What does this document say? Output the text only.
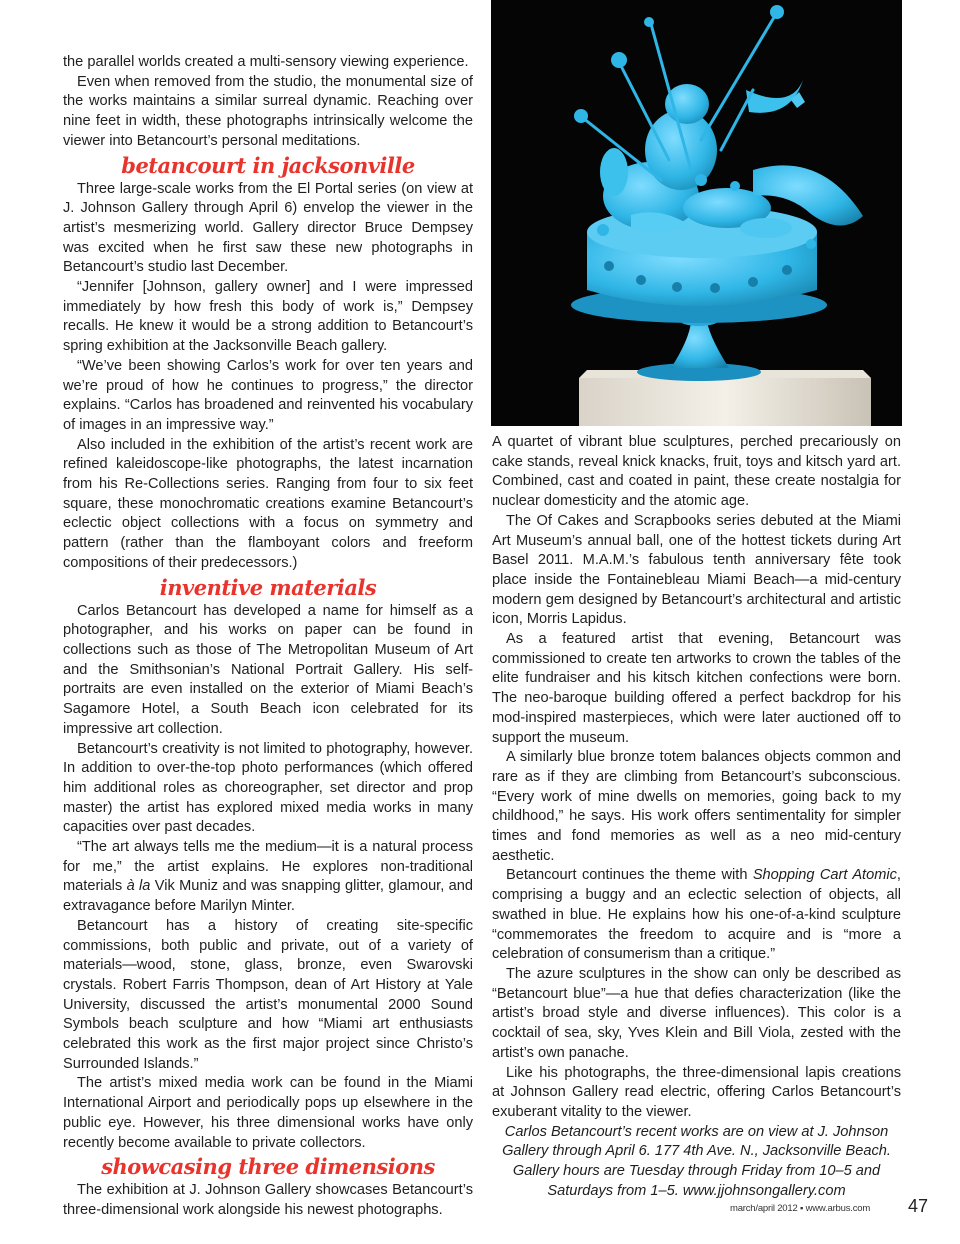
the parallel worlds created a multi-sensory viewing experience.

Even when removed from the studio, the monumental size of the works maintains a similar surreal dynamic. Reaching over nine feet in width, these photographs intrinsically welcome the viewer into Betancourt’s personal meditations.

betancourt in jacksonville

Three large-scale works from the El Portal series (on view at J. Johnson Gallery through April 6) envelop the viewer in the artist’s mesmerizing world. Gallery director Bruce Dempsey was excited when he first saw these new photographs in Betancourt’s studio last December.

“Jennifer [Johnson, gallery owner] and I were impressed immediately by how fresh this body of work is,” Dempsey recalls. He knew it would be a strong addition to Betancourt’s spring exhibition at the Jacksonville Beach gallery.

“We’ve been showing Carlos’s work for over ten years and we’re proud of how he continues to progress,” the director explains. “Carlos has broadened and reinvented his vocabulary of images in an impressive way.”

Also included in the exhibition of the artist’s recent work are refined kaleidoscope-like photographs, the latest incarnation from his Re-Collections series. Ranging from four to six feet square, these monochromatic creations examine Betancourt’s eclectic object collections with a focus on symmetry and pattern (rather than the flamboyant colors and freeform compositions of their predecessors.)

inventive materials

Carlos Betancourt has developed a name for himself as a photographer, and his works on paper can be found in collections such as those of The Metropolitan Museum of Art and the Smithsonian’s National Portrait Gallery. His self-portraits are even installed on the exterior of Miami Beach’s Sagamore Hotel, a South Beach icon celebrated for its impressive art collection.

Betancourt’s creativity is not limited to photography, however. In addition to over-the-top photo performances (which offered him additional roles as choreographer, set director and prop master) the artist has explored mixed media works in many capacities over past decades.

“The art always tells me the medium—it is a natural process for me,” the artist explains. He explores non-traditional materials à la Vik Muniz and was snapping glitter, glamour, and extravagance before Marilyn Minter.

Betancourt has a history of creating site-specific commissions, both public and private, out of a variety of materials—wood, stone, glass, bronze, even Swarovski crystals. Robert Farris Thompson, dean of Art History at Yale University, discussed the artist’s monumental 2000 Sound Symbols beach sculpture and how “Miami art enthusiasts celebrated this work as the first major project since Christo’s Surrounded Islands.”

The artist’s mixed media work can be found in the Miami International Airport and periodically pops up elsewhere in the public eye. However, his three dimensional works have only recently become available to private collectors.

showcasing three dimensions

The exhibition at J. Johnson Gallery showcases Betancourt’s three-dimensional work alongside his newest photographs.

A quartet of vibrant blue sculptures, perched precariously on cake stands, reveal knick knacks, fruit, toys and kitsch yard art. Combined, cast and coated in paint, these create nostalgia for nuclear domesticity and the atomic age.

The Of Cakes and Scrapbooks series debuted at the Miami Art Museum’s annual ball, one of the hottest tickets during Art Basel 2011. M.A.M.’s fabulous tenth anniversary fête took place inside the Fontainebleau Miami Beach—a mid-century modern gem designed by Betancourt’s architectural and artistic icon, Morris Lapidus.

As a featured artist that evening, Betancourt was commissioned to create ten artworks to crown the tables of the elite fundraiser and his kitsch kitchen confections were born. The neo-baroque building offered a perfect backdrop for his mod-inspired masterpieces, which were later auctioned off to support the museum.

A similarly blue bronze totem balances objects common and rare as if they are climbing from Betancourt’s subconscious. “Every work of mine dwells on memories, going back to my childhood,” he says. His work offers sentimentality for simpler times and fond memories as well as a neo mid-century aesthetic.

Betancourt continues the theme with Shopping Cart Atomic, comprising a buggy and an eclectic selection of objects, all swathed in blue. He explains how his one-of-a-kind sculpture “commemorates the freedom to acquire and is “more a celebration of consumerism than a critique.”

The azure sculptures in the show can only be described as “Betancourt blue”—a hue that defies characterization (like the artist’s broad style and diverse influences). This color is a cocktail of sea, sky, Yves Klein and Bill Viola, zested with the artist’s own panache.

Like his photographs, the three-dimensional lapis creations at Johnson Gallery read electric, offering Carlos Betancourt’s exuberant vitality to the viewer.

Carlos Betancourt’s recent works are on view at J. Johnson Gallery through April 6. 177 4th Ave. N., Jacksonville Beach. Gallery hours are Tuesday through Friday from 10–5 and Saturdays from 1–5. www.jjohnsongallery.com

march/april 2012 ▪ www.arbus.com 47
